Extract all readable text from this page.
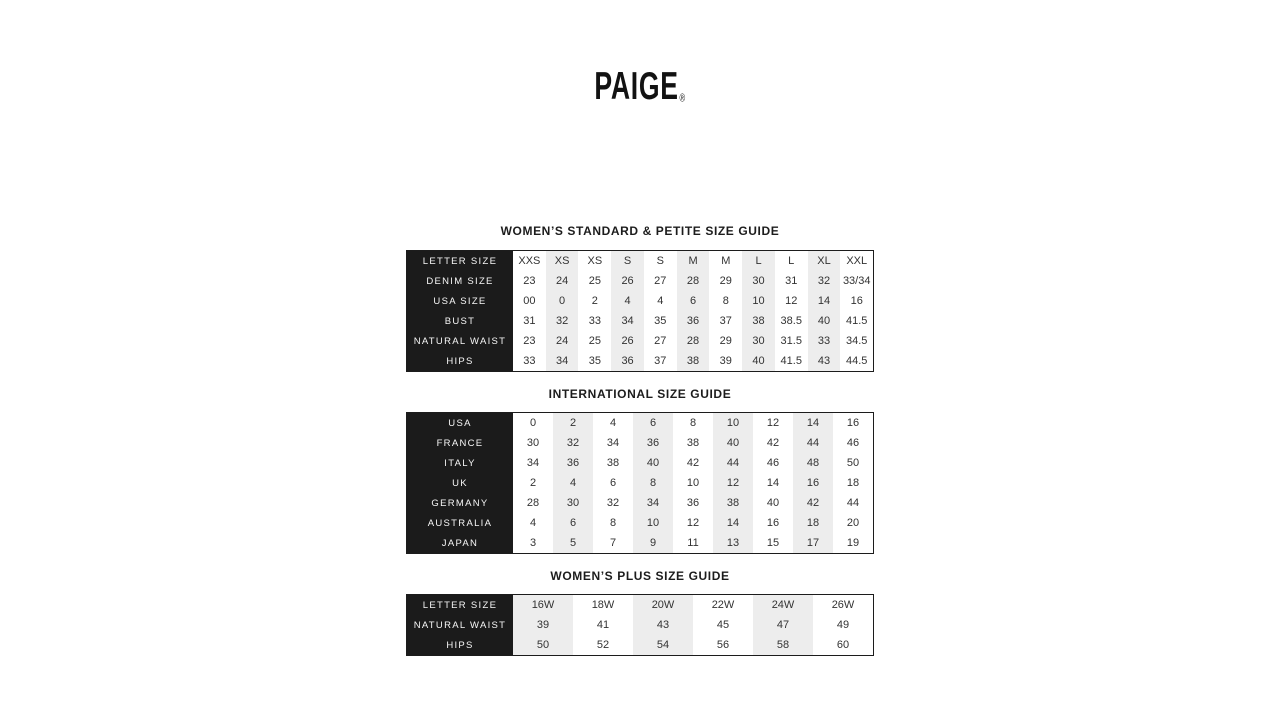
PAIGE®
WOMEN’S STANDARD & PETITE SIZE GUIDE
LETTER SIZE	XXS	XS	XS	S	S	M	M	L	L	XL	XXL
DENIM SIZE	23	24	25	26	27	28	29	30	31	32	33/34
USA SIZE	00	0	2	4	4	6	8	10	12	14	16
BUST	31	32	33	34	35	36	37	38	38.5	40	41.5
NATURAL WAIST	23	24	25	26	27	28	29	30	31.5	33	34.5
HIPS	33	34	35	36	37	38	39	40	41.5	43	44.5
INTERNATIONAL SIZE GUIDE
USA	0	2	4	6	8	10	12	14	16
FRANCE	30	32	34	36	38	40	42	44	46
ITALY	34	36	38	40	42	44	46	48	50
UK	2	4	6	8	10	12	14	16	18
GERMANY	28	30	32	34	36	38	40	42	44
AUSTRALIA	4	6	8	10	12	14	16	18	20
JAPAN	3	5	7	9	11	13	15	17	19
WOMEN’S PLUS SIZE GUIDE
LETTER SIZE	16W	18W	20W	22W	24W	26W
NATURAL WAIST	39	41	43	45	47	49
HIPS	50	52	54	56	58	60
